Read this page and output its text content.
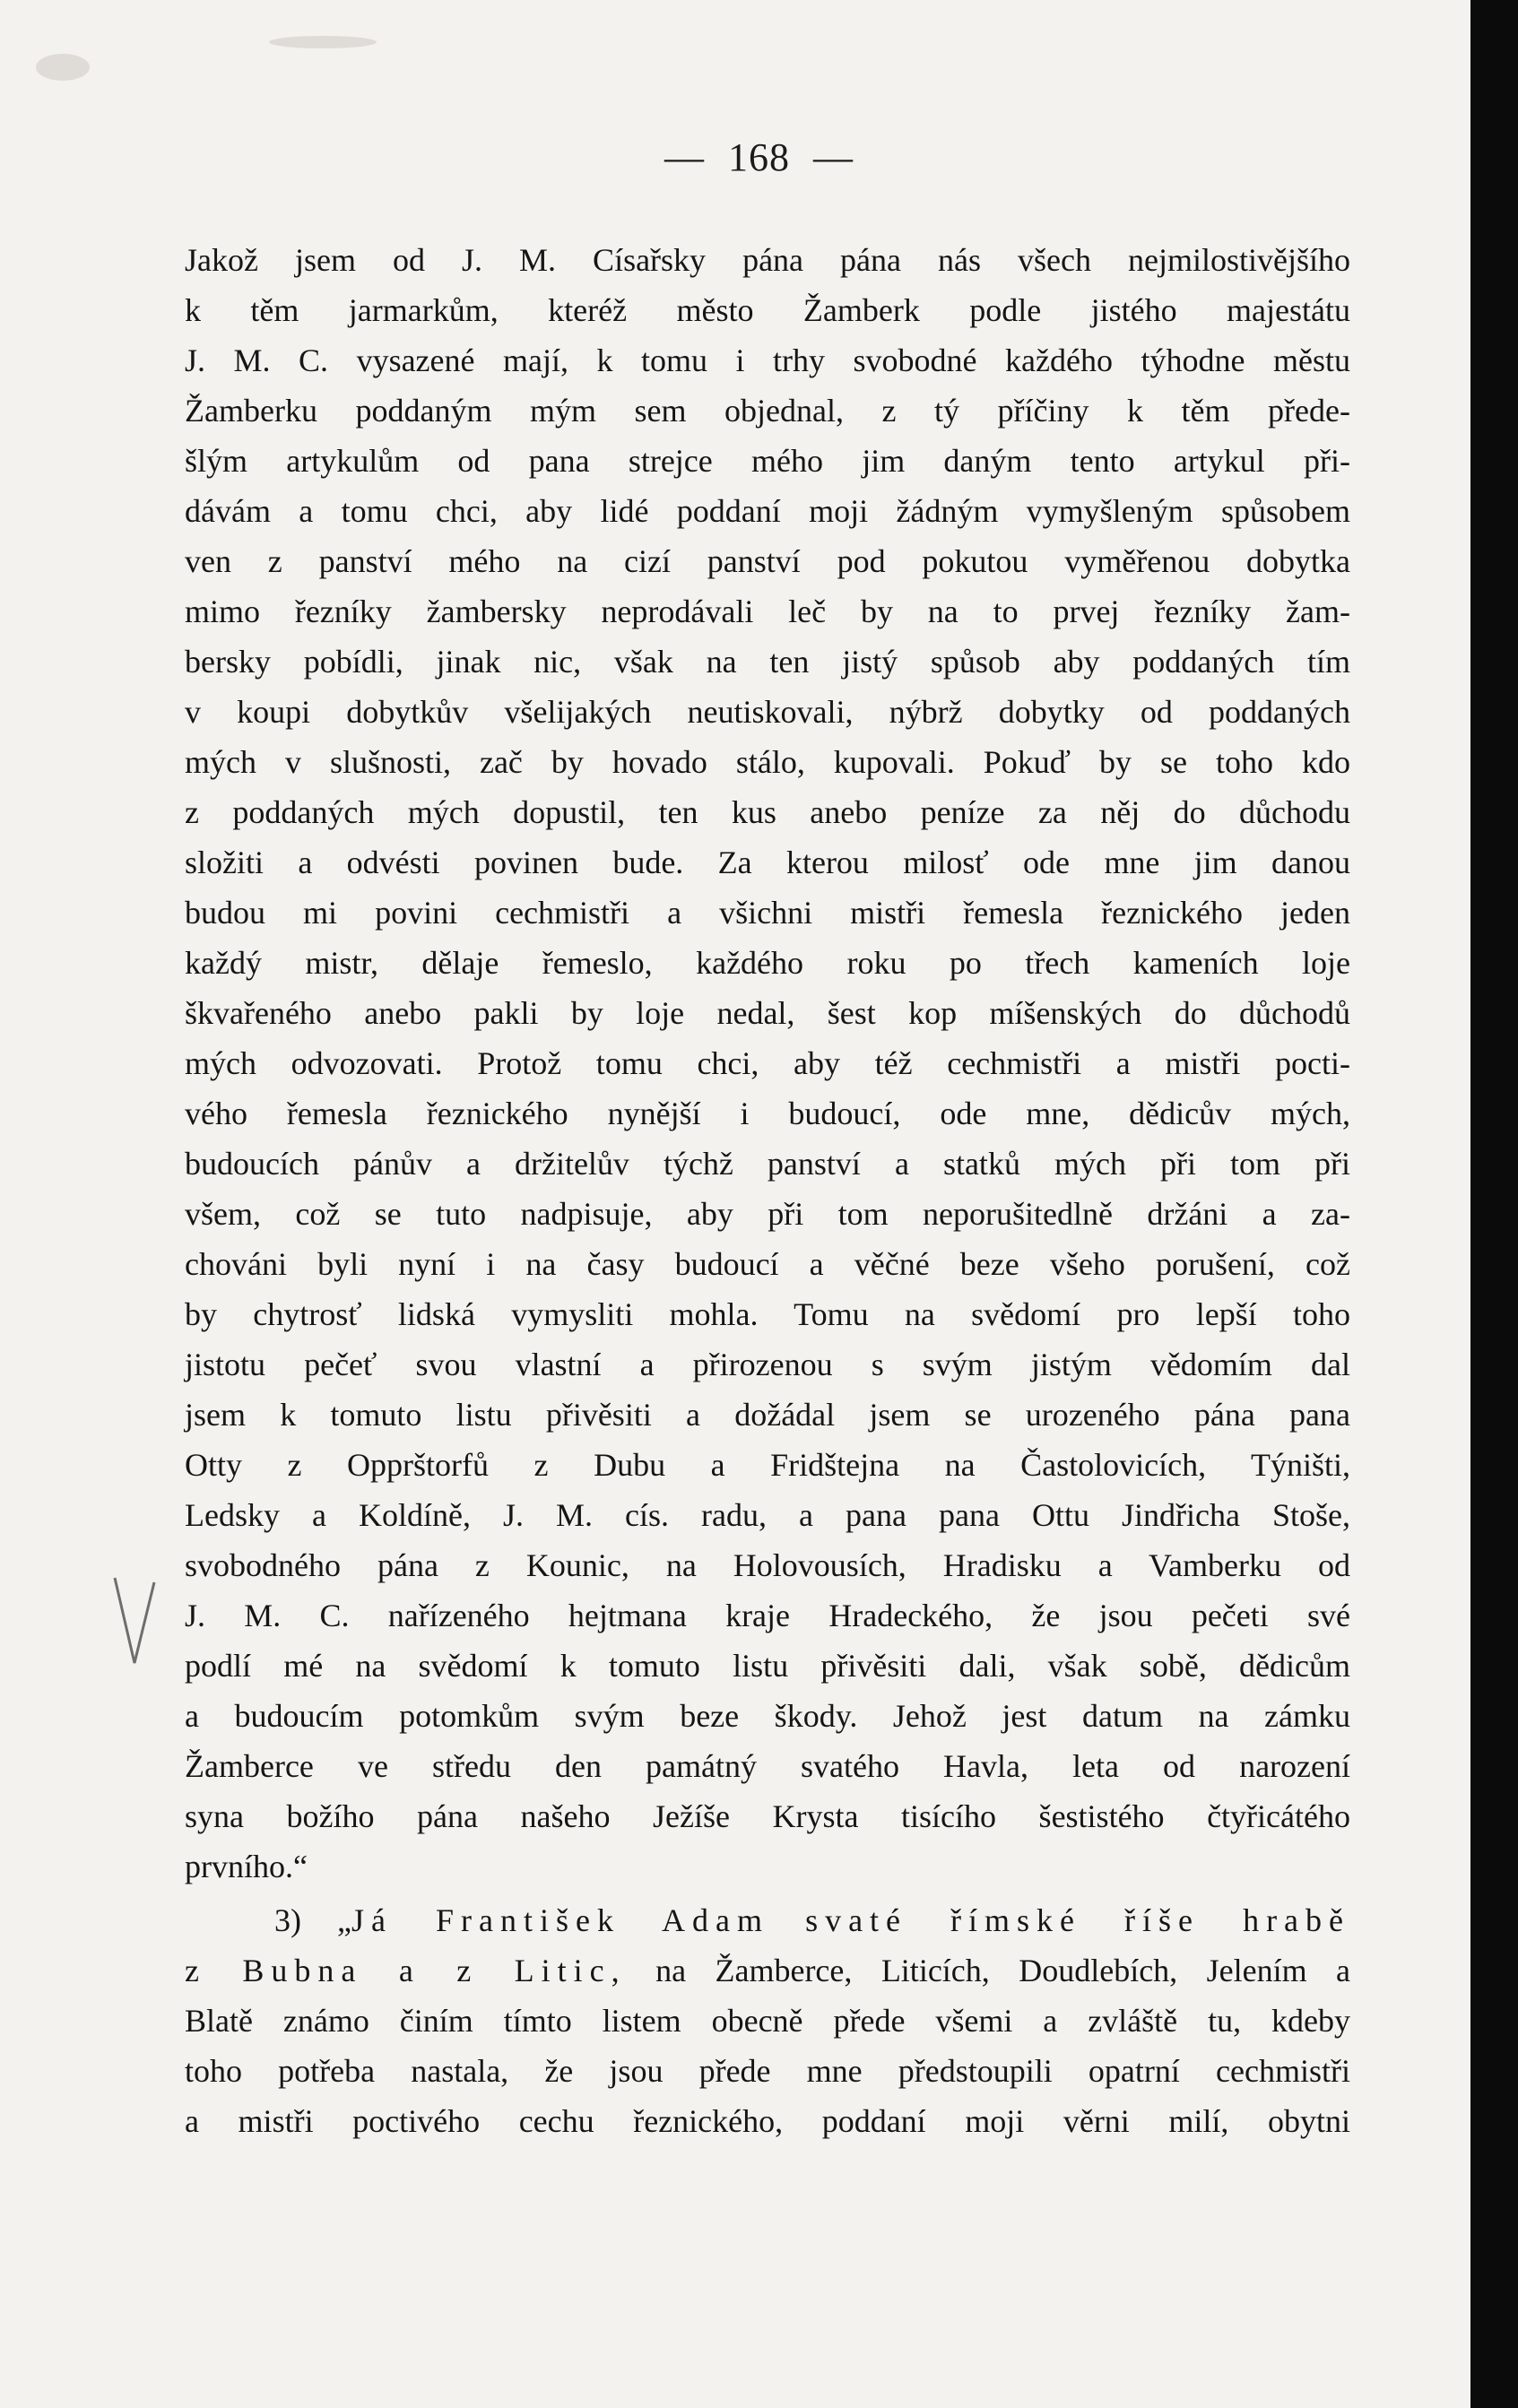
— 168 —
Jakož jsem od J. M. Císařsky pána pána nás všech nejmilostivějšího
k těm jarmarkům, kteréž město Žamberk podle jistého majestátu
J. M. C. vysazené mají, k tomu i trhy svobodné každého týhodne městu
Žamberku poddaným mým sem objednal, z tý příčiny k těm přede-
šlým artykulům od pana strejce mého jim daným tento artykul při-
dávám a tomu chci, aby lidé poddaní moji žádným vymyšleným spůsobem
ven z panství mého na cizí panství pod pokutou vyměřenou dobytka
mimo řezníky žambersky neprodávali leč by na to prvej řezníky žam-
bersky pobídli, jinak nic, však na ten jistý spůsob aby poddaných tím
v koupi dobytkův všelijakých neutiskovali, nýbrž dobytky od poddaných
mých v slušnosti, zač by hovado stálo, kupovali. Pokuď by se toho kdo
z poddaných mých dopustil, ten kus anebo peníze za něj do důchodu
složiti a odvésti povinen bude. Za kterou milosť ode mne jim danou
budou mi povini cechmistři a všichni mistři řemesla řeznického jeden
každý mistr, dělaje řemeslo, každého roku po třech kameních loje
škvařeného anebo pakli by loje nedal, šest kop míšenských do důchodů
mých odvozovati. Protož tomu chci, aby též cechmistři a mistři pocti-
vého řemesla řeznického nynější i budoucí, ode mne, dědicův mých,
budoucích pánův a držitelův týchž panství a statků mých při tom při
všem, což se tuto nadpisuje, aby při tom neporušitedlně držáni a za-
chováni byli nyní i na časy budoucí a věčné beze všeho porušení, což
by chytrosť lidská vymysliti mohla. Tomu na svědomí pro lepší toho
jistotu pečeť svou vlastní a přirozenou s svým jistým vědomím dal
jsem k tomuto listu přivěsiti a dožádal jsem se urozeného pána pana
Otty z Opprštorfů z Dubu a Fridštejna na Častolovicích, Týništi,
Ledsky a Koldíně, J. M. cís. radu, a pana pana Ottu Jindřicha Stoše,
svobodného pána z Kounic, na Holovousích, Hradisku a Vamberku od
J. M. C. nařízeného hejtmana kraje Hradeckého, že jsou pečeti své
podlí mé na svědomí k tomuto listu přivěsiti dali, však sobě, dědicům
a budoucím potomkům svým beze škody. Jehož jest datum na zámku
Žamberce ve středu den památný svatého Havla, leta od narození
syna božího pána našeho Ježíše Krysta tisícího šestistého čtyřicátého
prvního.“
3) „Já František Adam svaté římské říše hrabě
z Bubna a z Litic, na Žamberce, Liticích, Doudlebích, Jelením a
Blatě známo činím tímto listem obecně přede všemi a zvláště tu, kdeby
toho potřeba nastala, že jsou přede mne předstoupili opatrní cechmistři
a mistři poctivého cechu řeznického, poddaní moji věrni milí, obytni
